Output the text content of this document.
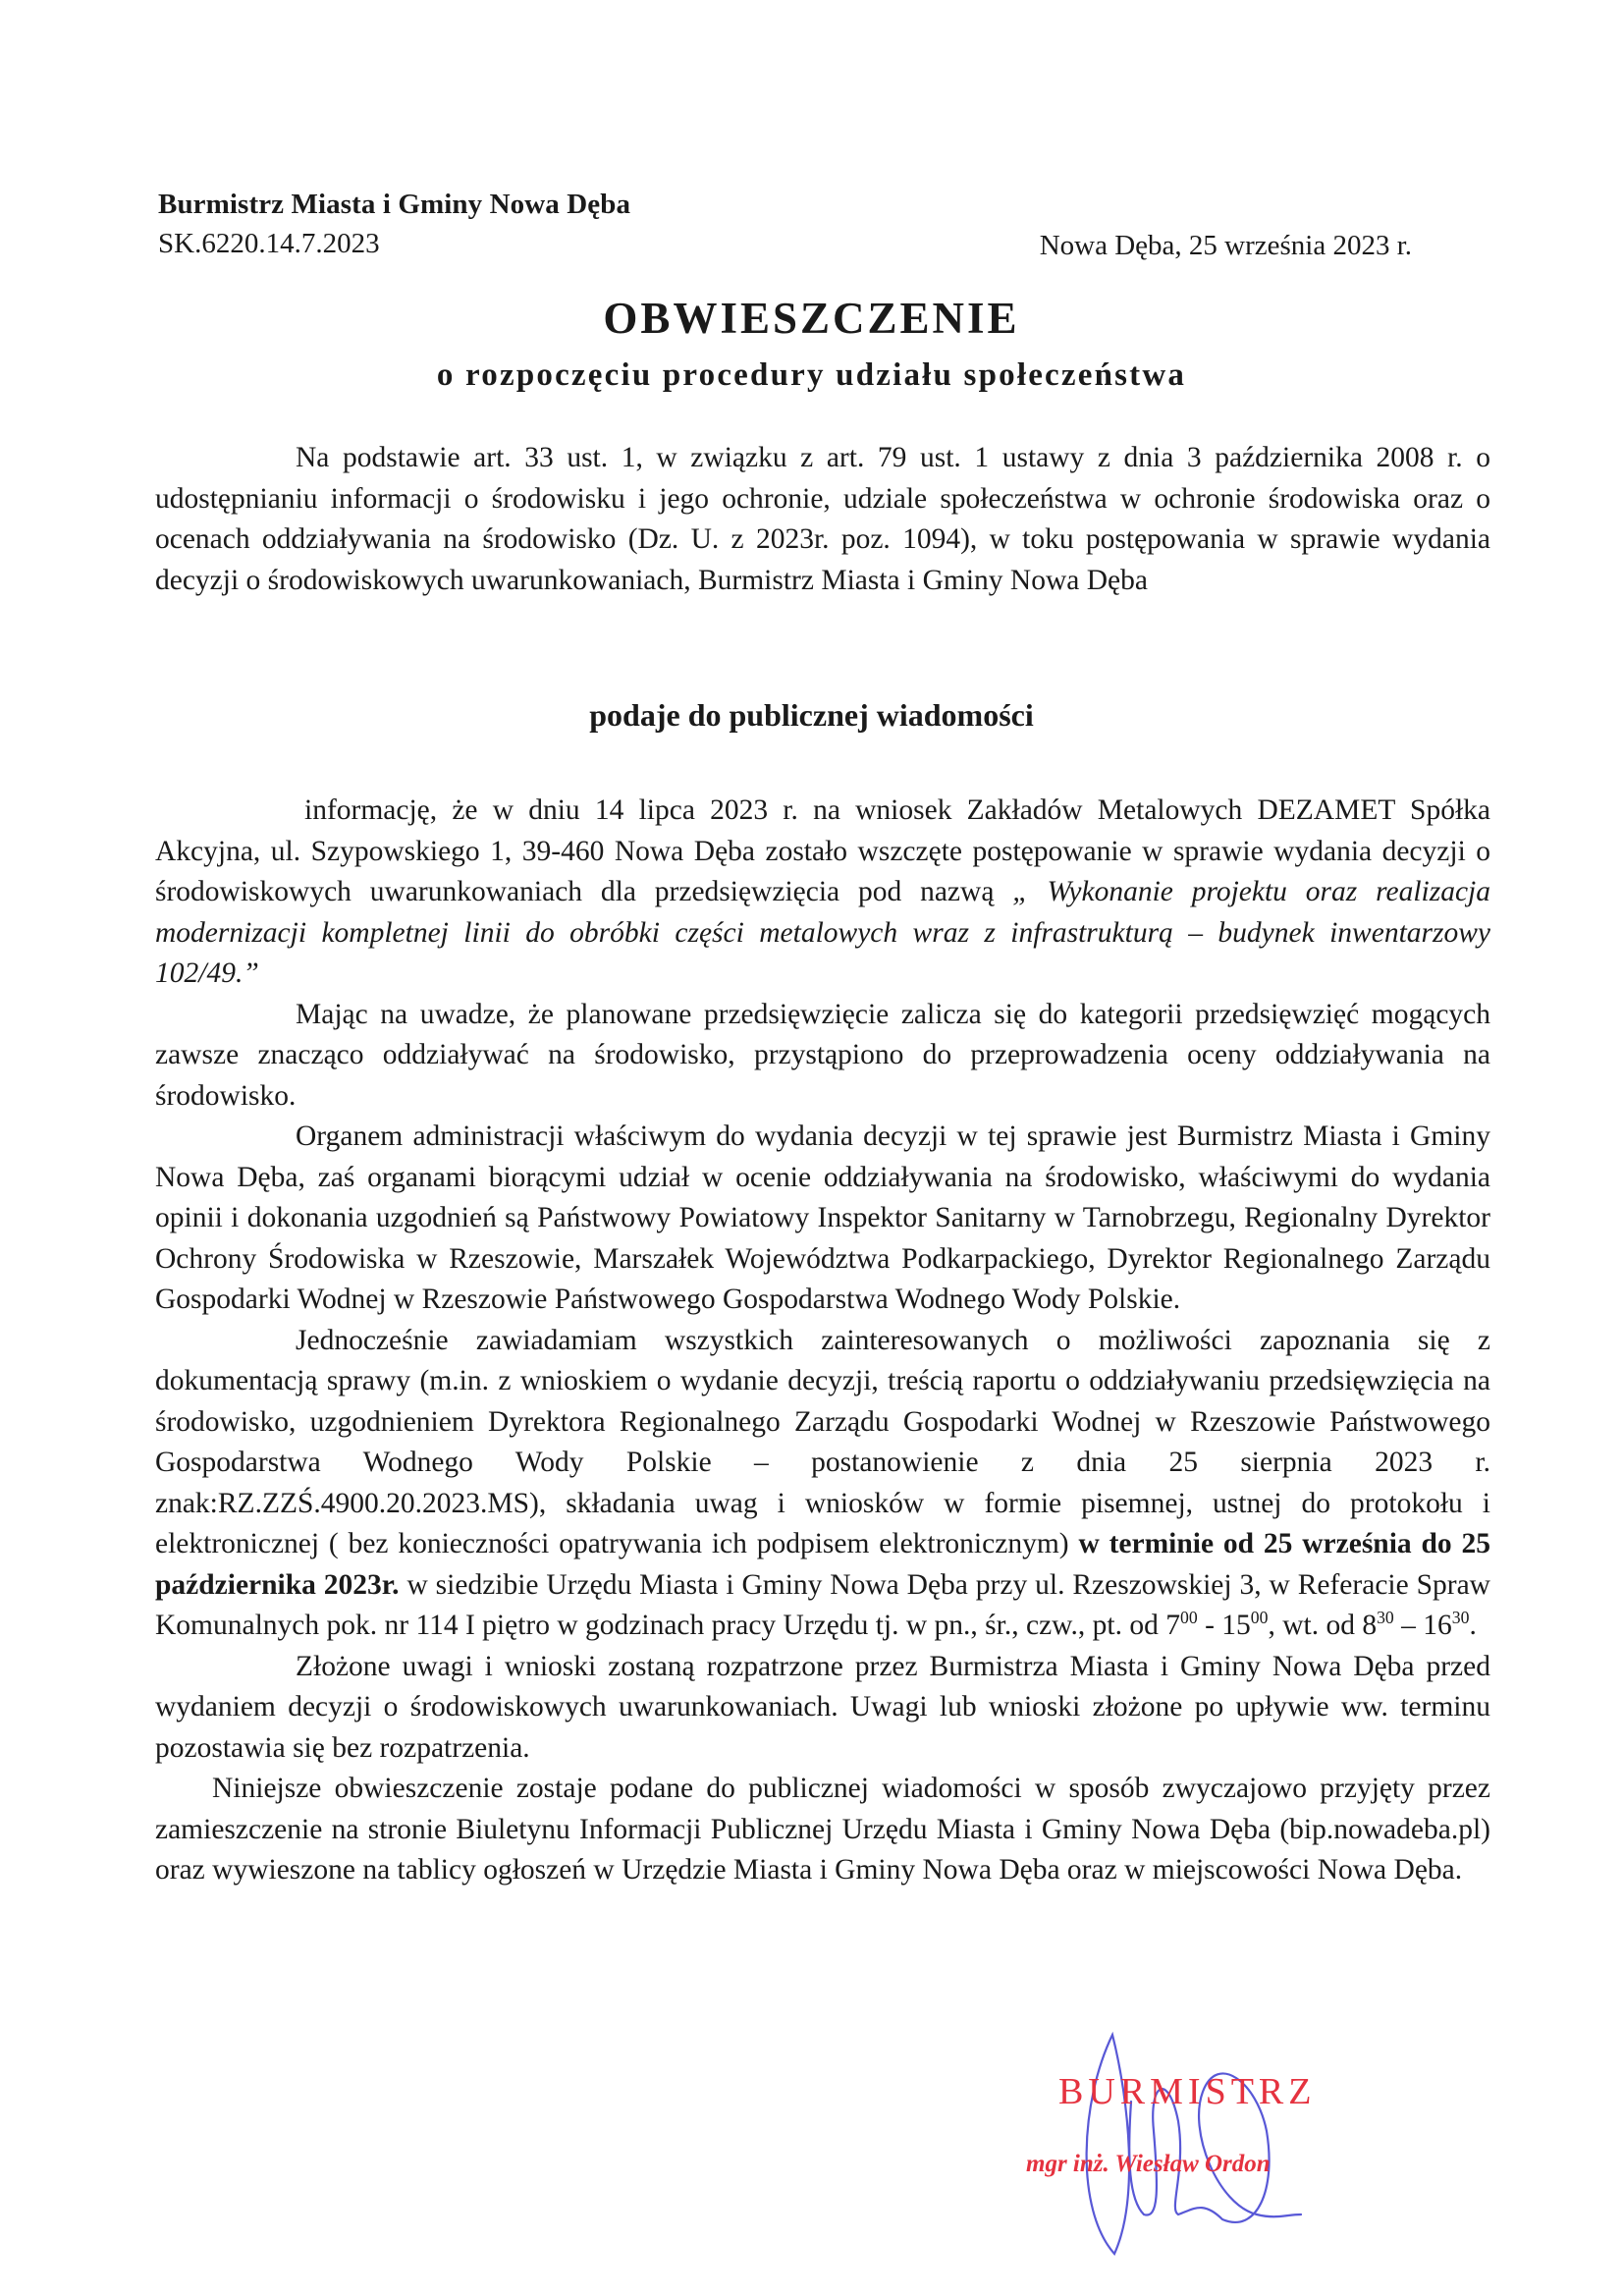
Burmistrz Miasta i Gminy Nowa Dęba
SK.6220.14.7.2023	Nowa Dęba, 25 września 2023 r.
OBWIESZCZENIE
o rozpoczęciu procedury udziału społeczeństwa

Na podstawie art. 33 ust. 1, w związku z art. 79 ust. 1 ustawy z dnia 3 października 2008 r. o udostępnianiu informacji o środowisku i jego ochronie, udziale społeczeństwa w ochronie środowiska oraz o ocenach oddziaływania na środowisko (Dz. U. z 2023r. poz. 1094), w toku postępowania w sprawie wydania decyzji o środowiskowych uwarunkowaniach, Burmistrz Miasta i Gminy Nowa Dęba

podaje do publicznej wiadomości

informację, że w dniu 14 lipca 2023 r. na wniosek Zakładów Metalowych DEZAMET Spółka Akcyjna, ul. Szypowskiego 1, 39-460 Nowa Dęba zostało wszczęte postępowanie w sprawie wydania decyzji o środowiskowych uwarunkowaniach dla przedsięwzięcia pod nazwą „ Wykonanie projektu oraz realizacja modernizacji kompletnej linii do obróbki części metalowych wraz z infrastrukturą – budynek inwentarzowy 102/49.”

Mając na uwadze, że planowane przedsięwzięcie zalicza się do kategorii przedsięwzięć mogących zawsze znacząco oddziaływać na środowisko, przystąpiono do przeprowadzenia oceny oddziaływania na środowisko.

Organem administracji właściwym do wydania decyzji w tej sprawie jest Burmistrz Miasta i Gminy Nowa Dęba, zaś organami biorącymi udział w ocenie oddziaływania na środowisko, właściwymi do wydania opinii i dokonania uzgodnień są Państwowy Powiatowy Inspektor Sanitarny w Tarnobrzegu, Regionalny Dyrektor Ochrony Środowiska w Rzeszowie, Marszałek Województwa Podkarpackiego, Dyrektor Regionalnego Zarządu Gospodarki Wodnej w Rzeszowie Państwowego Gospodarstwa Wodnego Wody Polskie.

Jednocześnie zawiadamiam wszystkich zainteresowanych o możliwości zapoznania się z dokumentacją sprawy (m.in. z wnioskiem o wydanie decyzji, treścią raportu o oddziaływaniu przedsięwzięcia na środowisko, uzgodnieniem Dyrektora Regionalnego Zarządu Gospodarki Wodnej w Rzeszowie Państwowego Gospodarstwa Wodnego Wody Polskie – postanowienie z dnia 25 sierpnia 2023 r. znak:RZ.ZZŚ.4900.20.2023.MS), składania uwag i wniosków w formie pisemnej, ustnej do protokołu i elektronicznej ( bez konieczności opatrywania ich podpisem elektronicznym) w terminie od 25 września do 25 października 2023r. w siedzibie Urzędu Miasta i Gminy Nowa Dęba przy ul. Rzeszowskiej 3, w Referacie Spraw Komunalnych pok. nr 114 I piętro w godzinach pracy Urzędu tj. w pn., śr., czw., pt. od $7^{00} - 15^{00}$, wt. od $8^{30} - 16^{30}$.

Złożone uwagi i wnioski zostaną rozpatrzone przez Burmistrza Miasta i Gminy Nowa Dęba przed wydaniem decyzji o środowiskowych uwarunkowaniach. Uwagi lub wnioski złożone po upływie ww. terminu pozostawia się bez rozpatrzenia.

Niniejsze obwieszczenie zostaje podane do publicznej wiadomości w sposób zwyczajowo przyjęty przez zamieszczenie na stronie Biuletynu Informacji Publicznej Urzędu Miasta i Gminy Nowa Dęba (bip.nowadeba.pl) oraz wywieszone na tablicy ogłoszeń w Urzędzie Miasta i Gminy Nowa Dęba oraz w miejscowości Nowa Dęba.

BURMISTRZ
mgr inż. Wiesław Ordon
